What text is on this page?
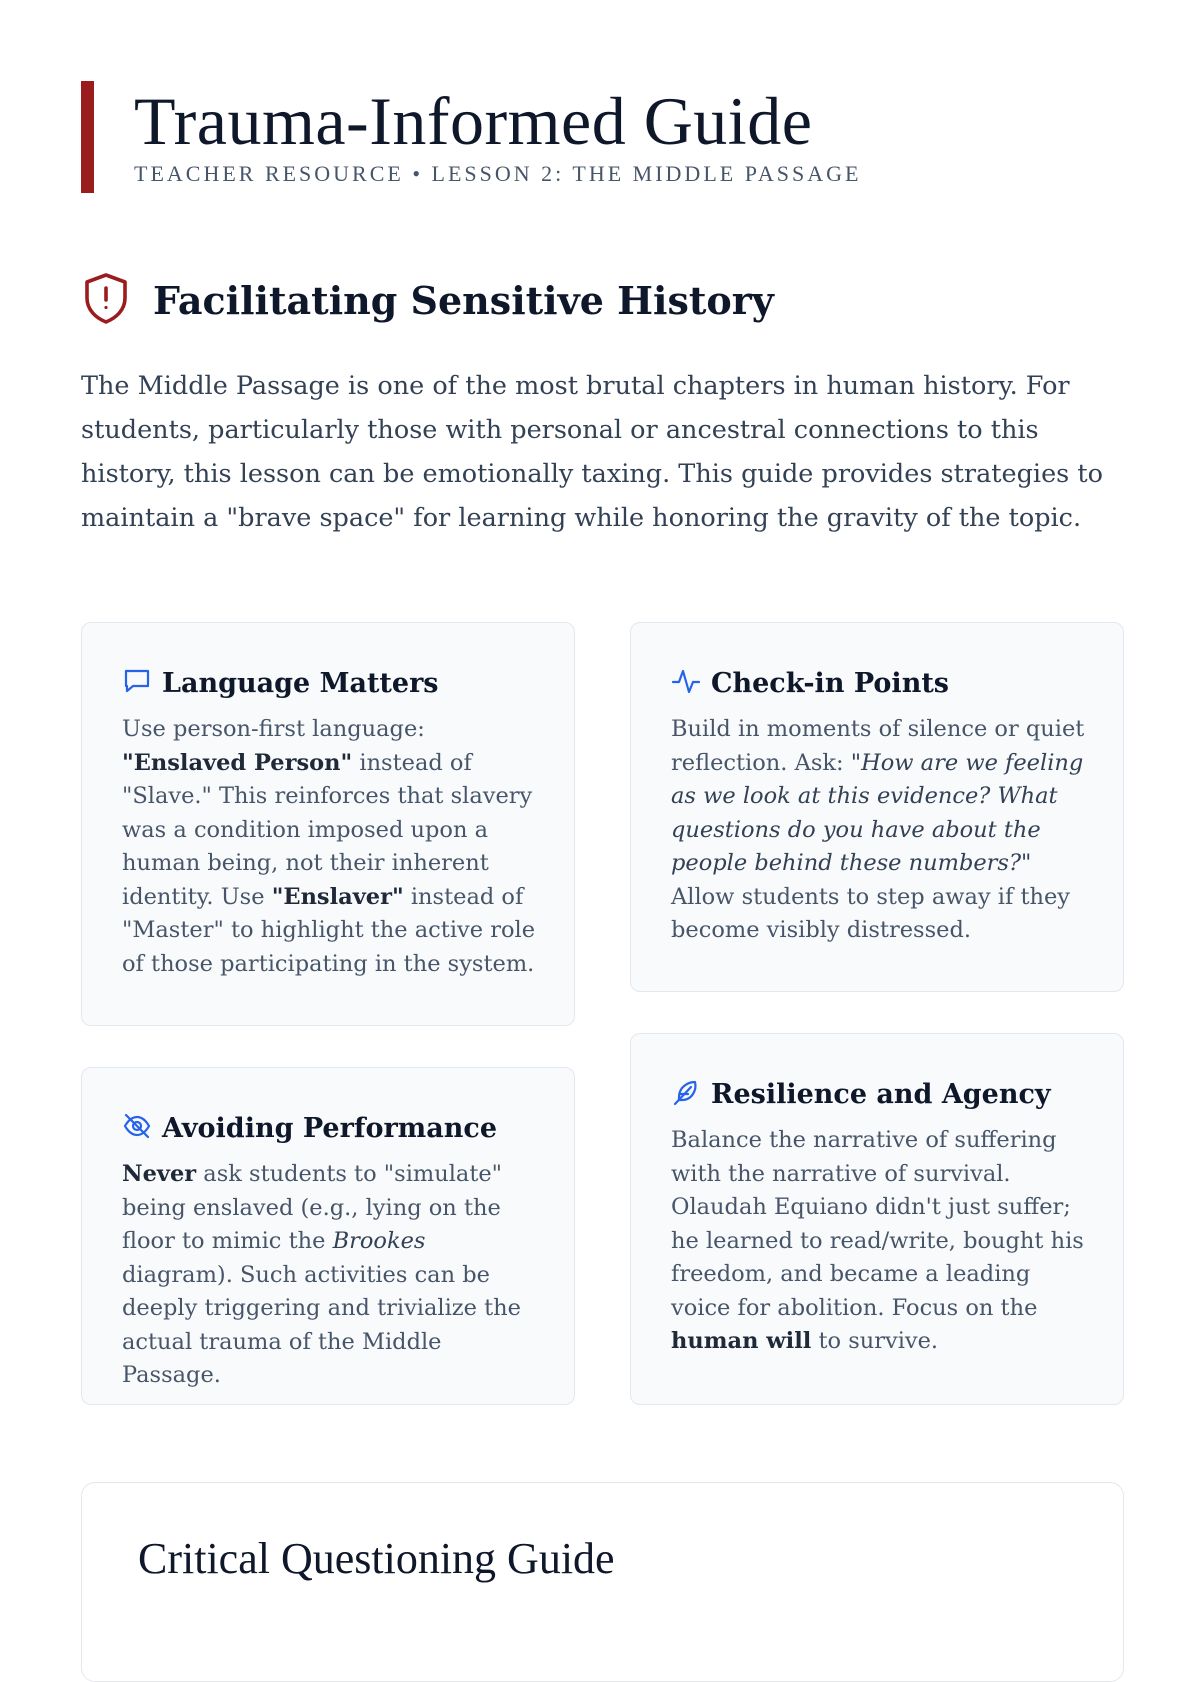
Trauma-Informed Guide
TEACHER RESOURCE • LESSON 2: THE MIDDLE PASSAGE
Facilitating Sensitive History

The Middle Passage is one of the most brutal chapters in human history. For students, particularly those with personal or ancestral connections to this history, this lesson can be emotionally taxing. This guide provides strategies to maintain a "brave space" for learning while honoring the gravity of the topic.

Language Matters
Use person-first language: "Enslaved Person" instead of "Slave." This reinforces that slavery was a condition imposed upon a human being, not their inherent identity. Use "Enslaver" instead of "Master" to highlight the active role of those participating in the system.
Check-in Points
Build in moments of silence or quiet reflection. Ask: "How are we feeling as we look at this evidence? What questions do you have about the people behind these numbers?" Allow students to step away if they become visibly distressed.
Avoiding Performance
Never ask students to "simulate" being enslaved (e.g., lying on the floor to mimic the Brookes diagram). Such activities can be deeply triggering and trivialize the actual trauma of the Middle Passage.
Resilience and Agency
Balance the narrative of suffering with the narrative of survival. Olaudah Equiano didn't just suffer; he learned to read/write, bought his freedom, and became a leading voice for abolition. Focus on the human will to survive.
Critical Questioning Guide
